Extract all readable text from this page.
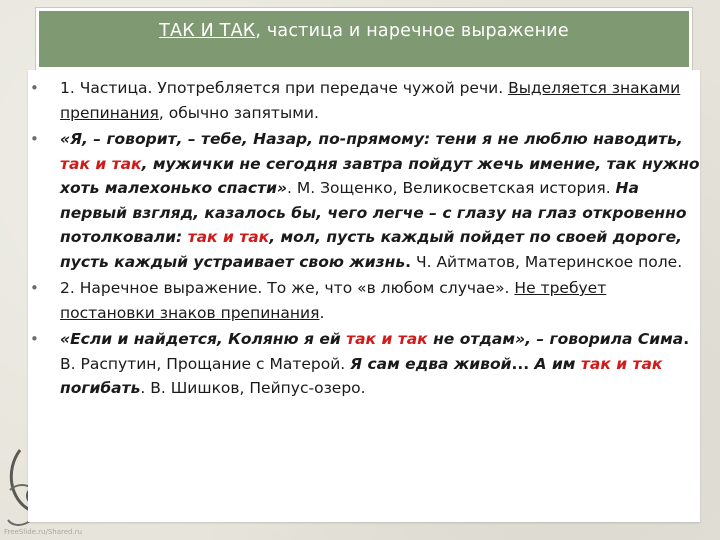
FreeSlide.ru/Shared.ru
ТАК И ТАК, частица и наречное выражение
• 1. Частица. Употребляется при передаче чужой речи. Выделяется знаками препинания, обычно запятыми.
• «Я, – говорит, – тебе, Назар, по-прямому: тени я не люблю наводить, так и так, мужички не сегодня завтра пойдут жечь имение, так нужно хоть малехонько спасти». М. Зощенко, Великосветская история. На первый взгляд, казалось бы, чего легче – с глазу на глаз откровенно потолковали: так и так, мол, пусть каждый пойдет по своей дороге, пусть каждый устраивает свою жизнь. Ч. Айтматов, Материнское поле.
• 2. Наречное выражение. То же, что «в любом случае». Не требует постановки знаков препинания.
• «Если и найдется, Коляню я ей так и так не отдам», – говорила Сима. В. Распутин, Прощание с Матерой. Я сам едва живой... А им так и так погибать. В. Шишков, Пейпус-озеро.
